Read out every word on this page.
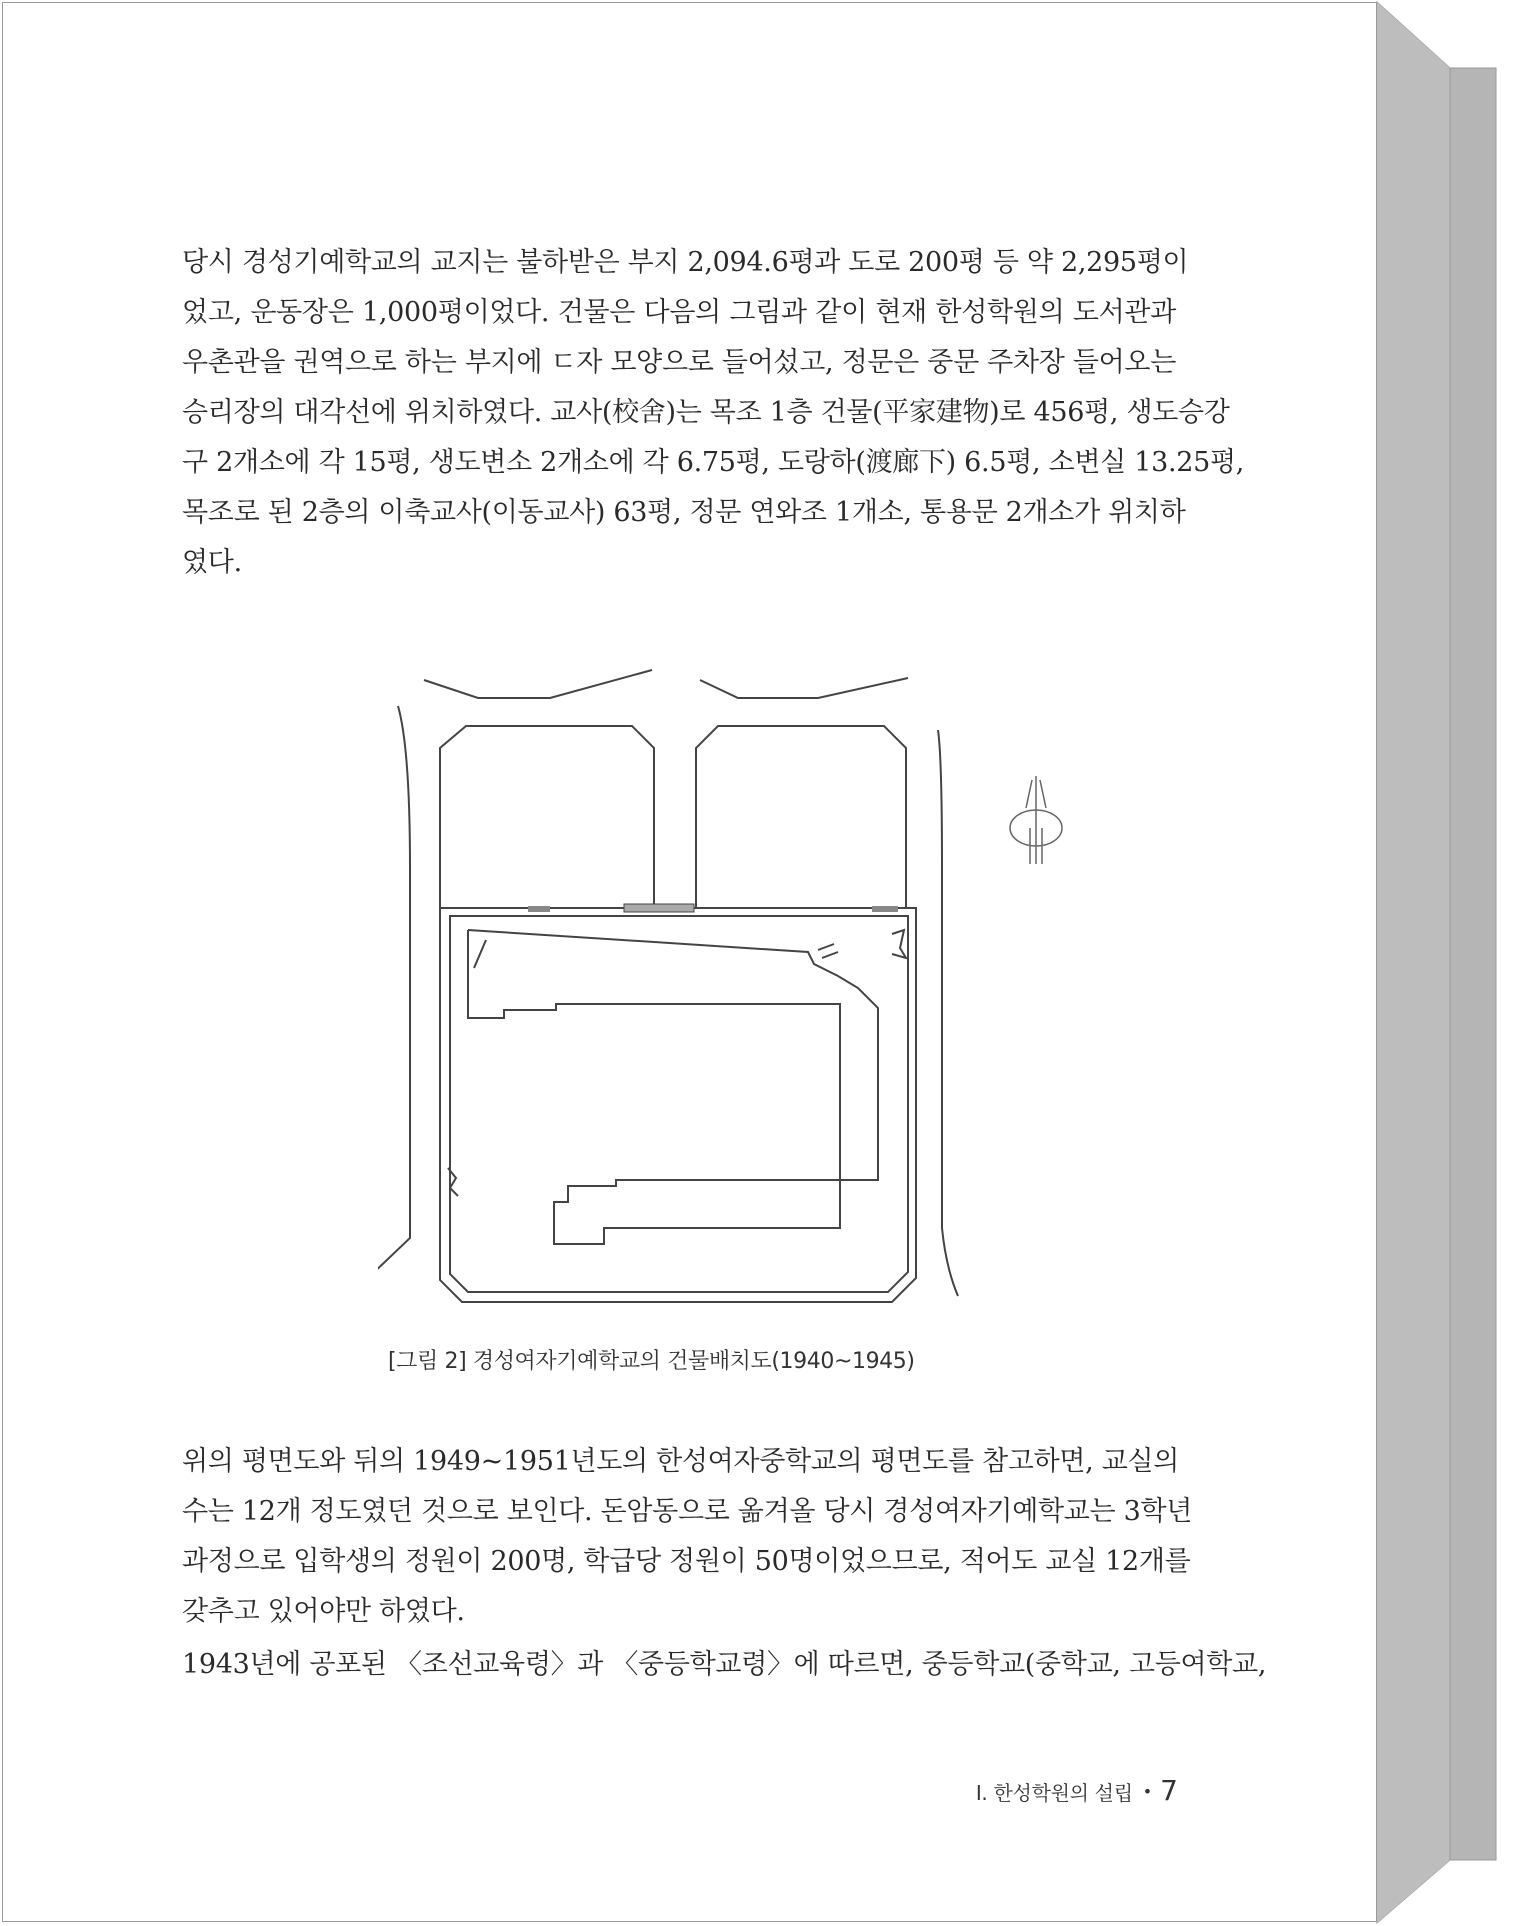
당시 경성기예학교의 교지는 불하받은 부지 2,094.6평과 도로 200평 등 약 2,295평이
었고, 운동장은 1,000평이었다. 건물은 다음의 그림과 같이 현재 한성학원의 도서관과
우촌관을 권역으로 하는 부지에 ㄷ자 모양으로 들어섰고, 정문은 중문 주차장 들어오는
승리장의 대각선에 위치하였다. 교사(校舍)는 목조 1층 건물(平家建物)로 456평, 생도승강
구 2개소에 각 15평, 생도변소 2개소에 각 6.75평, 도랑하(渡廊下) 6.5평, 소변실 13.25평,
목조로 된 2층의 이축교사(이동교사) 63평, 정문 연와조 1개소, 통용문 2개소가 위치하
였다.
[그림 2] 경성여자기예학교의 건물배치도(1940~1945)
위의 평면도와 뒤의 1949~1951년도의 한성여자중학교의 평면도를 참고하면, 교실의
수는 12개 정도였던 것으로 보인다. 돈암동으로 옮겨올 당시 경성여자기예학교는 3학년
과정으로 입학생의 정원이 200명, 학급당 정원이 50명이었으므로, 적어도 교실 12개를
갖추고 있어야만 하였다.
1943년에 공포된 〈조선교육령〉과 〈중등학교령〉에 따르면, 중등학교(중학교, 고등여학교,
I. 한성학원의 설립 • 7
